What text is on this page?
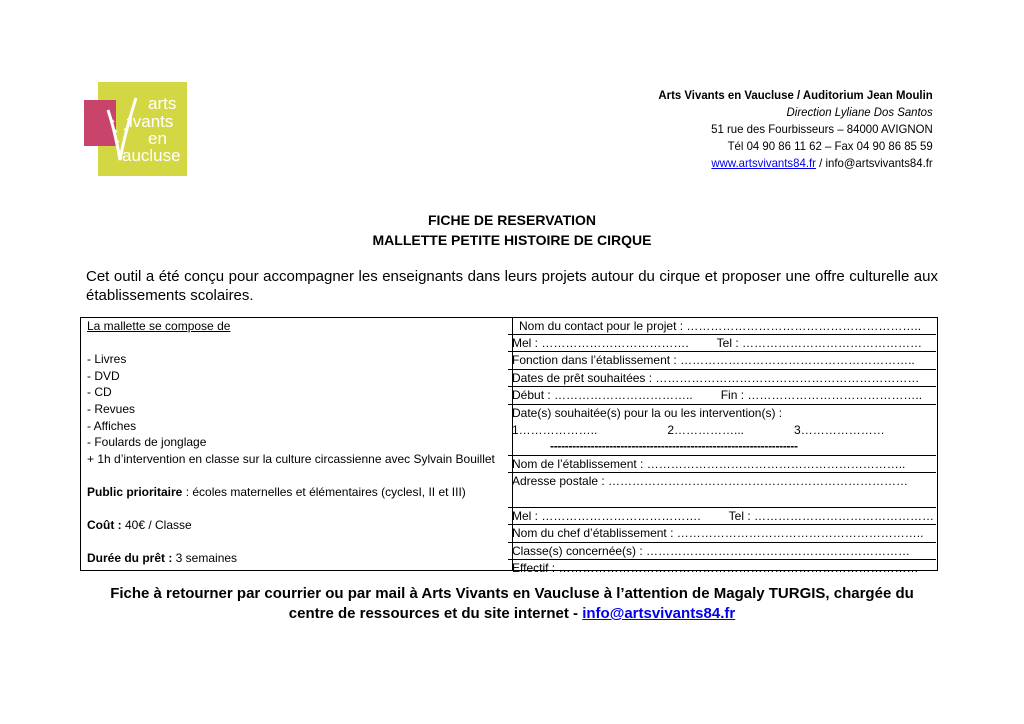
arts
ivants
en
aucluse
Arts Vivants en Vaucluse / Auditorium Jean Moulin
Direction Lyliane Dos Santos
51 rue des Fourbisseurs – 84000 AVIGNON
Tél 04 90 86 11 62 – Fax 04 90 86 85 59
www.artsvivants84.fr / info@artsvivants84.fr
FICHE DE RESERVATION
MALLETTE PETITE HISTOIRE DE CIRQUE
Cet outil a été conçu pour accompagner les enseignants dans leurs projets autour du cirque et proposer une offre culturelle aux établissements scolaires.
La mallette se compose de
- Livres
- DVD
- CD
- Revues
- Affiches
- Foulards de jonglage
+ 1h d’intervention en classe sur la culture circassienne avec Sylvain Bouillet
Public prioritaire : écoles maternelles et élémentaires (cyclesI, II et III)
Coût : 40€ / Classe
Durée du prêt : 3 semaines

Nom du contact pour le projet : …………………………………………………..
Mel : ………………………………. Tel : ………………………………………
Fonction dans l’établissement : …………………………………………………..
Dates de prêt souhaitées : …………………………………………………………
Début : …………………………….. Fin : ……………………………………..
Date(s) souhaitée(s) pour la ou les intervention(s) :
1………………..	2……………...	3…………………
-------------------------------------------------------------------
Nom de l’établissement : ………………………………………………………..
Adresse postale : …………………………………………………………………
Mel : …………………………………. Tel : ………………………………………
Nom du chef d’établissement : ……………………………………………………..
Classe(s) concernée(s) : …………………………………………………………
Effectif : ………………………………………………………………………………
Fiche à retourner par courrier ou par mail à Arts Vivants en Vaucluse à l’attention de Magaly TURGIS, chargée du centre de ressources et du site internet - info@artsvivants84.fr
